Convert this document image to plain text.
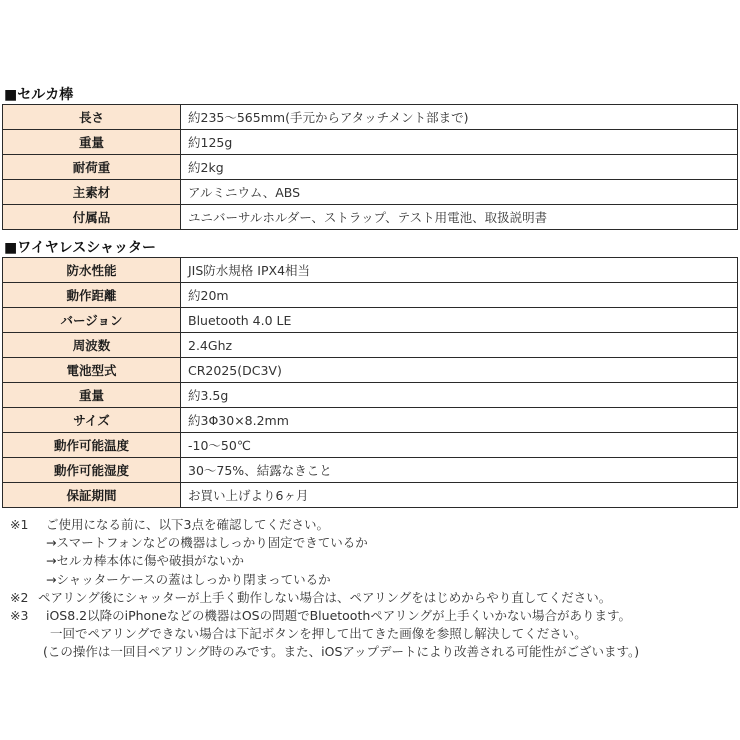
■セルカ棒
長さ	約235～565mm(手元からアタッチメント部まで)
重量	約125g
耐荷重	約2kg
主素材	アルミニウム、ABS
付属品	ユニバーサルホルダー、ストラップ、テスト用電池、取扱説明書
■ワイヤレスシャッター
防水性能	JIS防水規格 IPX4相当
動作距離	約20m
バージョン	Bluetooth 4.0 LE
周波数	2.4Ghz
電池型式	CR2025(DC3V)
重量	約3.5g
サイズ	約3Φ30×8.2mm
動作可能温度	-10～50℃
動作可能湿度	30～75%、結露なきこと
保証期間	お買い上げより6ヶ月
※1 ご使用になる前に、以下3点を確認してください。
→スマートフォンなどの機器はしっかり固定できているか
→セルカ棒本体に傷や破損がないか
→シャッターケースの蓋はしっかり閉まっているか
※2 ペアリング後にシャッターが上手く動作しない場合は、ペアリングをはじめからやり直してください。
※3 iOS8.2以降のiPhoneなどの機器はOSの問題でBluetoothペアリングが上手くいかない場合があります。
一回でペアリングできない場合は下記ボタンを押して出てきた画像を参照し解決してください。
(この操作は一回目ペアリング時のみです。また、iOSアップデートにより改善される可能性がございます。)
